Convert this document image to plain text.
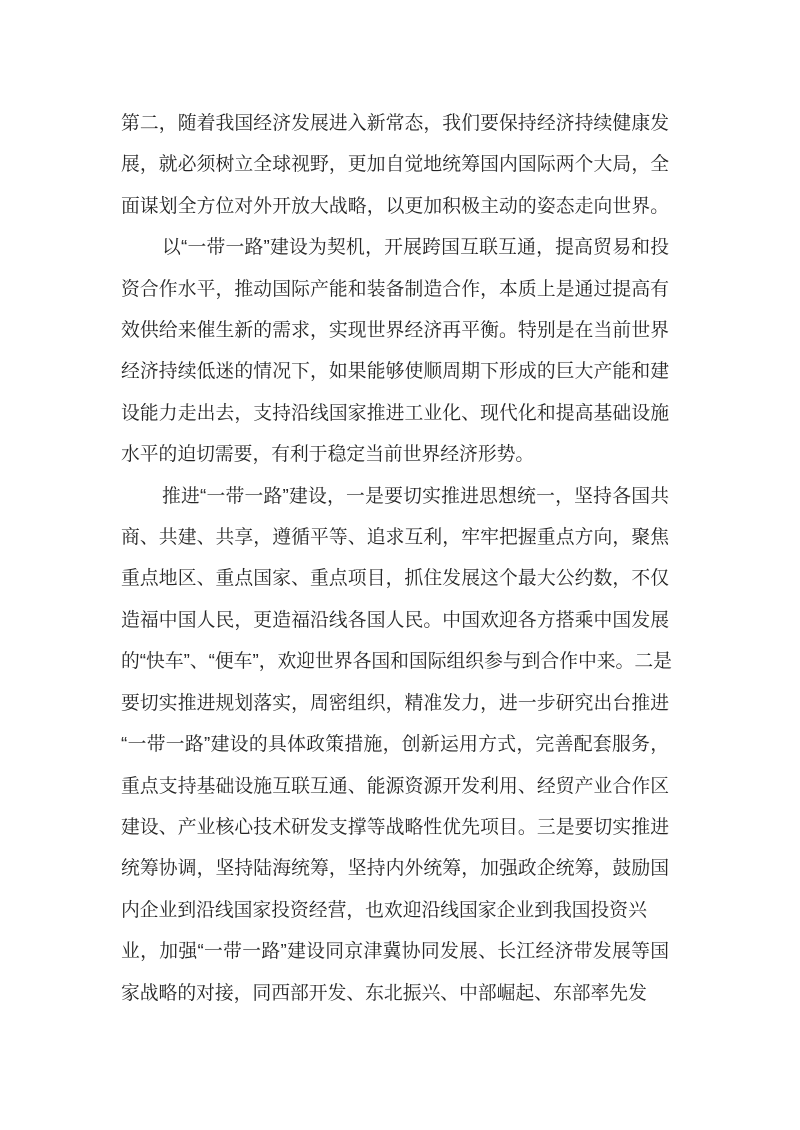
第二，随着我国经济发展进入新常态，我们要保持经济持续健康发
展，就必须树立全球视野，更加自觉地统筹国内国际两个大局，全
面谋划全方位对外开放大战略，以更加积极主动的姿态走向世界。
以“一带一路”建设为契机，开展跨国互联互通，提高贸易和投
资合作水平，推动国际产能和装备制造合作，本质上是通过提高有
效供给来催生新的需求，实现世界经济再平衡。特别是在当前世界
经济持续低迷的情况下，如果能够使顺周期下形成的巨大产能和建
设能力走出去，支持沿线国家推进工业化、现代化和提高基础设施
水平的迫切需要，有利于稳定当前世界经济形势。
推进“一带一路”建设，一是要切实推进思想统一，坚持各国共
商、共建、共享，遵循平等、追求互利，牢牢把握重点方向，聚焦
重点地区、重点国家、重点项目，抓住发展这个最大公约数，不仅
造福中国人民，更造福沿线各国人民。中国欢迎各方搭乘中国发展
的“快车”、“便车”，欢迎世界各国和国际组织参与到合作中来。二是
要切实推进规划落实，周密组织，精准发力，进一步研究出台推进
“一带一路”建设的具体政策措施，创新运用方式，完善配套服务，
重点支持基础设施互联互通、能源资源开发利用、经贸产业合作区
建设、产业核心技术研发支撑等战略性优先项目。三是要切实推进
统筹协调，坚持陆海统筹，坚持内外统筹，加强政企统筹，鼓励国
内企业到沿线国家投资经营，也欢迎沿线国家企业到我国投资兴
业，加强“一带一路”建设同京津冀协同发展、长江经济带发展等国
家战略的对接，同西部开发、东北振兴、中部崛起、东部率先发
